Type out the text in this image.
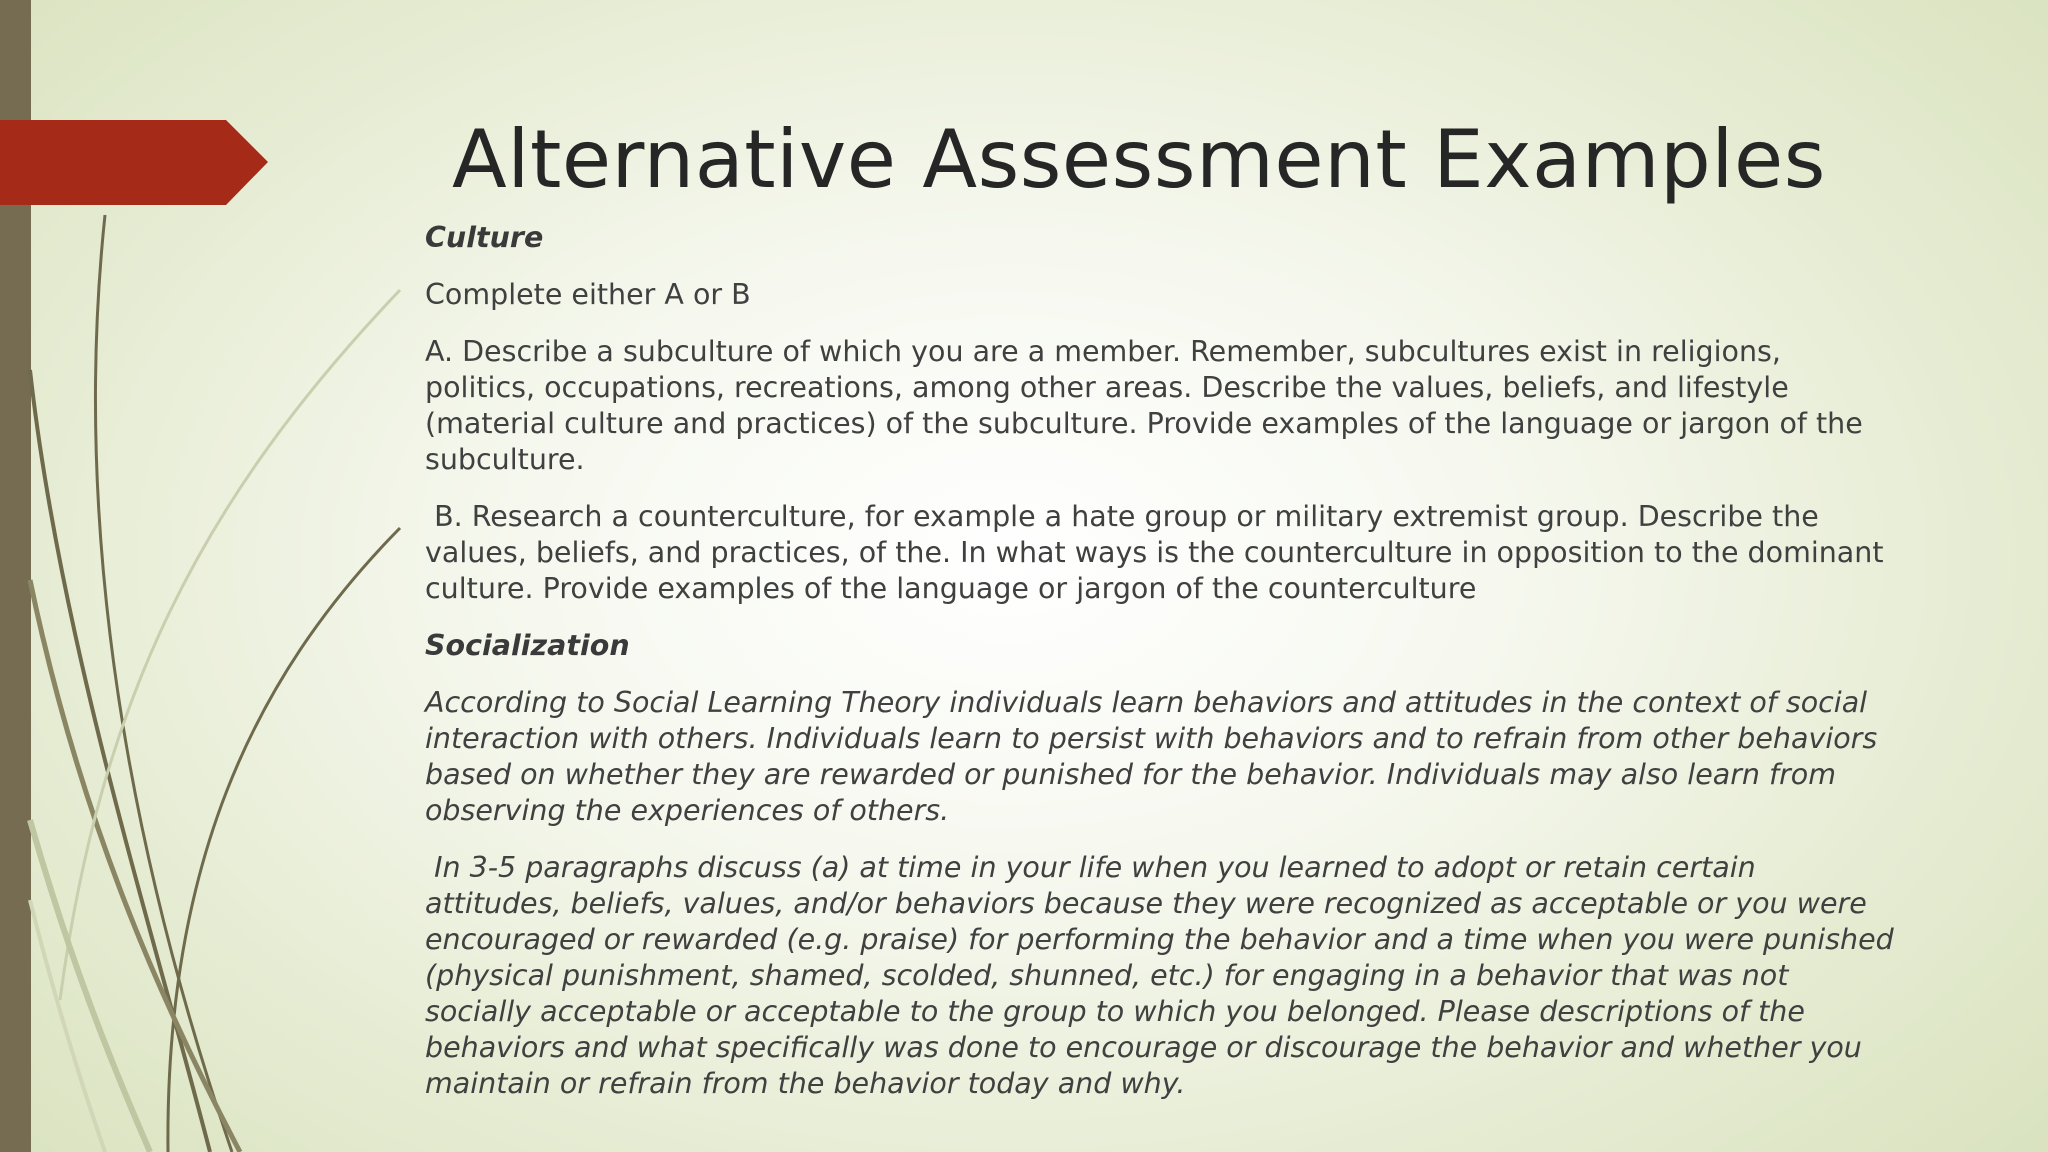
Alternative Assessment Examples

Culture

Complete either A or B

A. Describe a subculture of which you are a member. Remember, subcultures exist in religions, politics, occupations, recreations, among other areas. Describe the values, beliefs, and lifestyle (material culture and practices) of the subculture. Provide examples of the language or jargon of the subculture.

B. Research a counterculture, for example a hate group or military extremist group. Describe the values, beliefs, and practices, of the. In what ways is the counterculture in opposition to the dominant culture. Provide examples of the language or jargon of the counterculture

Socialization

According to Social Learning Theory individuals learn behaviors and attitudes in the context of social interaction with others. Individuals learn to persist with behaviors and to refrain from other behaviors based on whether they are rewarded or punished for the behavior. Individuals may also learn from observing the experiences of others.

In 3-5 paragraphs discuss (a) at time in your life when you learned to adopt or retain certain attitudes, beliefs, values, and/or behaviors because they were recognized as acceptable or you were encouraged or rewarded (e.g. praise) for performing the behavior and a time when you were punished (physical punishment, shamed, scolded, shunned, etc.) for engaging in a behavior that was not socially acceptable or acceptable to the group to which you belonged. Please descriptions of the behaviors and what specifically was done to encourage or discourage the behavior and whether you maintain or refrain from the behavior today and why.
